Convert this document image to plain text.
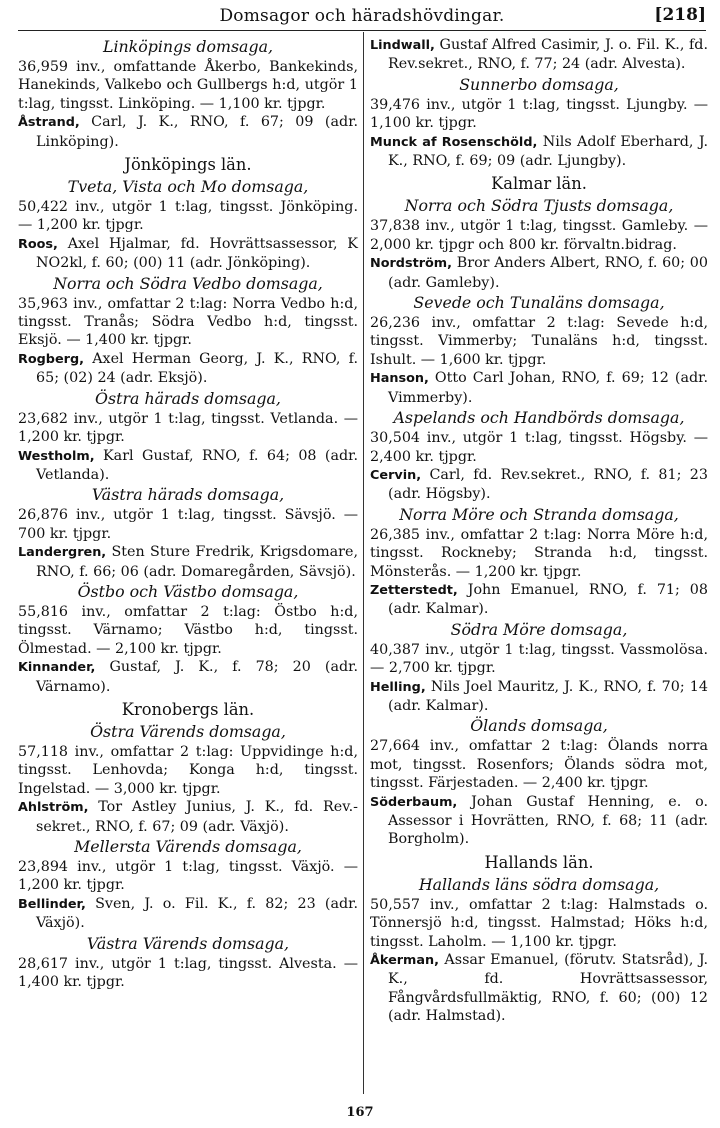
Domsagor och häradshövdingar.	[218]
Linköpings domsaga,
36,959 inv., omfattande Åkerbo, Bankekinds, Hanekinds, Valkebo och Gullbergs h:d, utgör 1 t:lag, tingsst. Linköping. — 1,100 kr. tjpgr.
Åstrand, Carl, J. K., RNO, f. 67; 09 (adr. Linköping).
Jönköpings län.
Tveta, Vista och Mo domsaga,
50,422 inv., utgör 1 t:lag, tingsst. Jönköping. — 1,200 kr. tjpgr.
Roos, Axel Hjalmar, fd. Hovrättsassessor, K NO2kl, f. 60; (00) 11 (adr. Jönköping).
Norra och Södra Vedbo domsaga,
35,963 inv., omfattar 2 t:lag: Norra Vedbo h:d, tingsst. Tranås; Södra Vedbo h:d, tingsst. Eksjö. — 1,400 kr. tjpgr.
Rogberg, Axel Herman Georg, J. K., RNO, f. 65; (02) 24 (adr. Eksjö).
Östra härads domsaga,
23,682 inv., utgör 1 t:lag, tingsst. Vetlanda. — 1,200 kr. tjpgr.
Westholm, Karl Gustaf, RNO, f. 64; 08 (adr. Vetlanda).
Västra härads domsaga,
26,876 inv., utgör 1 t:lag, tingsst. Sävsjö. — 700 kr. tjpgr.
Landergren, Sten Sture Fredrik, Krigsdomare, RNO, f. 66; 06 (adr. Domaregården, Sävsjö).
Östbo och Västbo domsaga,
55,816 inv., omfattar 2 t:lag: Östbo h:d, tingsst. Värnamo; Västbo h:d, tingsst. Ölmestad. — 2,100 kr. tjpgr.
Kinnander, Gustaf, J. K., f. 78; 20 (adr. Värnamo).
Kronobergs län.
Östra Värends domsaga,
57,118 inv., omfattar 2 t:lag: Uppvidinge h:d, tingsst. Lenhovda; Konga h:d, tingsst. Ingelstad. — 3,000 kr. tjpgr.
Ahlström, Tor Astley Junius, J. K., fd. Rev.-sekret., RNO, f. 67; 09 (adr. Växjö).
Mellersta Värends domsaga,
23,894 inv., utgör 1 t:lag, tingsst. Växjö. — 1,200 kr. tjpgr.
Bellinder, Sven, J. o. Fil. K., f. 82; 23 (adr. Växjö).
Västra Värends domsaga,
28,617 inv., utgör 1 t:lag, tingsst. Alvesta. — 1,400 kr. tjpgr.
Lindwall, Gustaf Alfred Casimir, J. o. Fil. K., fd. Rev.sekret., RNO, f. 77; 24 (adr. Alvesta).
Sunnerbo domsaga,
39,476 inv., utgör 1 t:lag, tingsst. Ljungby. — 1,100 kr. tjpgr.
Munck af Rosenschöld, Nils Adolf Eberhard, J. K., RNO, f. 69; 09 (adr. Ljungby).
Kalmar län.
Norra och Södra Tjusts domsaga,
37,838 inv., utgör 1 t:lag, tingsst. Gamleby. — 2,000 kr. tjpgr och 800 kr. förvaltn.bidrag.
Nordström, Bror Anders Albert, RNO, f. 60; 00 (adr. Gamleby).
Sevede och Tunaläns domsaga,
26,236 inv., omfattar 2 t:lag: Sevede h:d, tingsst. Vimmerby; Tunaläns h:d, tingsst. Ishult. — 1,600 kr. tjpgr.
Hanson, Otto Carl Johan, RNO, f. 69; 12 (adr. Vimmerby).
Aspelands och Handbörds domsaga,
30,504 inv., utgör 1 t:lag, tingsst. Högsby. — 2,400 kr. tjpgr.
Cervin, Carl, fd. Rev.sekret., RNO, f. 81; 23 (adr. Högsby).
Norra Möre och Stranda domsaga,
26,385 inv., omfattar 2 t:lag: Norra Möre h:d, tingsst. Rockneby; Stranda h:d, tingsst. Mönsterås. — 1,200 kr. tjpgr.
Zetterstedt, John Emanuel, RNO, f. 71; 08 (adr. Kalmar).
Södra Möre domsaga,
40,387 inv., utgör 1 t:lag, tingsst. Vassmolösa. — 2,700 kr. tjpgr.
Helling, Nils Joel Mauritz, J. K., RNO, f. 70; 14 (adr. Kalmar).
Ölands domsaga,
27,664 inv., omfattar 2 t:lag: Ölands norra mot, tingsst. Rosenfors; Ölands södra mot, tingsst. Färjestaden. — 2,400 kr. tjpgr.
Söderbaum, Johan Gustaf Henning, e. o. Assessor i Hovrätten, RNO, f. 68; 11 (adr. Borgholm).
Hallands län.
Hallands läns södra domsaga,
50,557 inv., omfattar 2 t:lag: Halmstads o. Tönnersjö h:d, tingsst. Halmstad; Höks h:d, tingsst. Laholm. — 1,100 kr. tjpgr.
Åkerman, Assar Emanuel, (förutv. Statsråd), J. K., fd. Hovrättsassessor, Fångvårdsfullmäktig, RNO, f. 60; (00) 12 (adr. Halmstad).
167
